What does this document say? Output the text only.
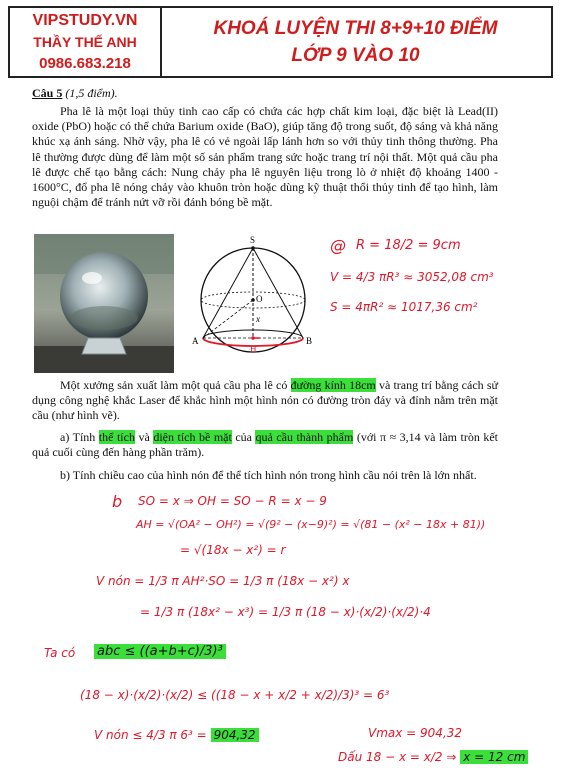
VIPSTUDY.VN
THẦY THẾ ANH
0986.683.218
KHOÁ LUYỆN THI 8+9+10 ĐIỂM
LỚP 9 VÀO 10
Câu 5 (1,5 điểm).

Pha lê là một loại thủy tinh cao cấp có chứa các hợp chất kim loại, đặc biệt là Lead(II) oxide (PbO) hoặc có thể chứa Barium oxide (BaO), giúp tăng độ trong suốt, độ sáng và khả năng khúc xạ ánh sáng. Nhờ vậy, pha lê có vẻ ngoài lấp lánh hơn so với thủy tinh thông thường. Pha lê thường được dùng để làm một số sản phẩm trang sức hoặc trang trí nội thất. Một quả cầu pha lê được chế tạo bằng cách: Nung chảy pha lê nguyên liệu trong lò ở nhiệt độ khoảng 1400 - 1600°C, đổ pha lê nóng chảy vào khuôn tròn hoặc dùng kỹ thuật thổi thủy tinh để tạo hình, làm nguội chậm để tránh nứt vỡ rồi đánh bóng bề mặt.

S
O
x
A	B
H
@ R = 18/2 = 9cm
V = 4/3 πR³ ≈ 3052,08 cm³
S = 4πR² ≈ 1017,36 cm²

Một xưởng sản xuất làm một quả cầu pha lê có đường kính 18cm và trang trí bằng cách sử dụng công nghệ khắc Laser để khắc hình một hình nón có đường tròn đáy và đỉnh nằm trên mặt cầu (như hình vẽ).

a) Tính thể tích và diện tích bề mặt của quả cầu thành phẩm (với π ≈ 3,14 và làm tròn kết quả cuối cùng đến hàng phần trăm).

b) Tính chiều cao của hình nón để thể tích hình nón trong hình cầu nói trên là lớn nhất.

b SO = x ⇒ OH = SO − R = x − 9
AH = √(OA² − OH²) = √(9² − (x−9)²) = √(81 − (x² − 18x + 81))
= √(18x − x²) = r
V nón = 1/3 π AH²·SO = 1/3 π (18x − x²) x
= 1/3 π (18x² − x³) = 1/3 π (18 − x)·(x/2)·(x/2)·4
Ta có abc ≤ ((a+b+c)/3)³
(18 − x)·(x/2)·(x/2) ≤ ((18 − x + x/2 + x/2)/3)³ = 6³
V nón ≤ 4/3 π 6³ = 904,32	Vmax = 904,32
Dấu 18 − x = x/2 ⇒ x = 12 cm
